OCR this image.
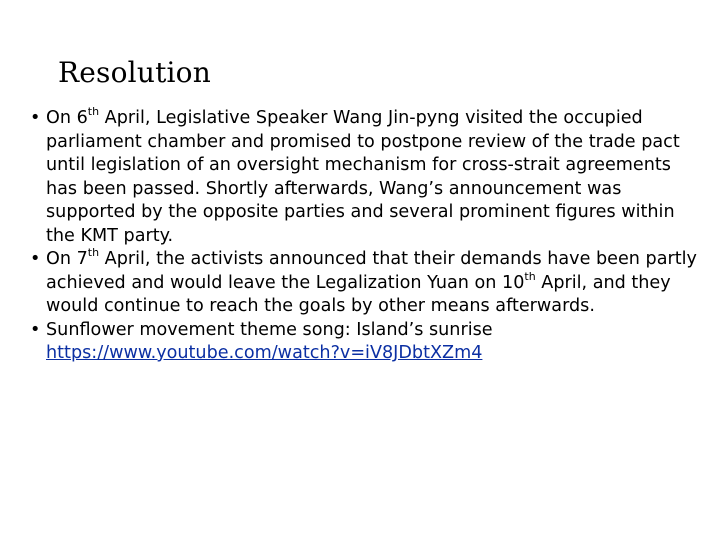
Resolution
• On 6th April, Legislative Speaker Wang Jin-pyng visited the occupied parliament chamber and promised to postpone review of the trade pact until legislation of an oversight mechanism for cross-strait agreements has been passed. Shortly afterwards, Wang’s announcement was supported by the opposite parties and several prominent figures within the KMT party.
• On 7th April, the activists announced that their demands have been partly achieved and would leave the Legalization Yuan on 10th April, and they would continue to reach the goals by other means afterwards.
• Sunflower movement theme song: Island’s sunrise
https://www.youtube.com/watch?v=iV8JDbtXZm4
